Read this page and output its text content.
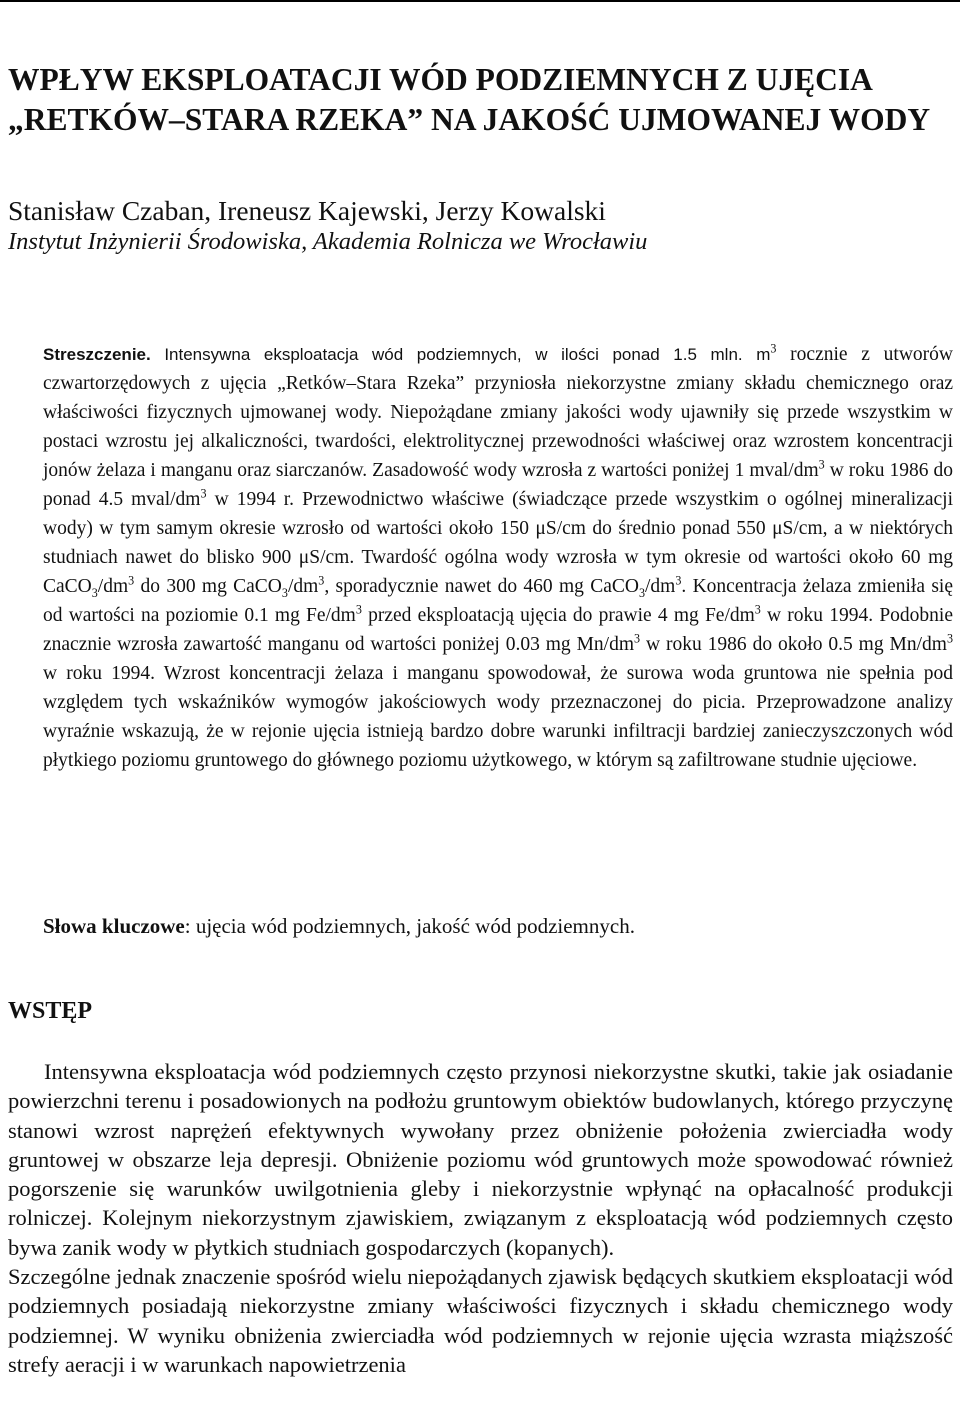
WPŁYW EKSPLOATACJI WÓD PODZIEMNYCH Z UJĘCIA
„RETKÓW–STARA RZEKA” NA JAKOŚĆ UJMOWANEJ WODY
Stanisław Czaban, Ireneusz Kajewski, Jerzy Kowalski
Instytut Inżynierii Środowiska, Akademia Rolnicza we Wrocławiu

Streszczenie. Intensywna eksploatacja wód podziemnych, w ilości ponad 1.5 mln. $m^3$ rocznie z utworów czwartorzędowych z ujęcia „Retków–Stara Rzeka” przyniosła niekorzystne zmiany składu chemicznego oraz właściwości fizycznych ujmowanej wody. Niepożądane zmiany jakości wody ujawniły się przede wszystkim w postaci wzrostu jej alkaliczności, twardości, elektrolitycznej przewodności właściwej oraz wzrostem koncentracji jonów żelaza i manganu oraz siarczanów. Zasadowość wody wzrosła z wartości poniżej 1 mval/$dm^3$ w roku 1986 do ponad 4.5 mval/$dm^3$ w 1994 r. Przewodnictwo właściwe (świadczące przede wszystkim o ogólnej mineralizacji wody) w tym samym okresie wzrosło od wartości około 150 μS/cm do średnio ponad 550 μS/cm, a w niektórych studniach nawet do blisko 900 μS/cm. Twardość ogólna wody wzrosła w tym okresie od wartości około 60 mg $CaCO_3/dm^3$ do 300 mg $CaCO_3/dm^3$, sporadycznie nawet do 460 mg $CaCO_3/dm^3$. Koncentracja żelaza zmieniła się od wartości na poziomie 0.1 mg $Fe/dm^3$ przed eksploatacją ujęcia do prawie 4 mg $Fe/dm^3$ w roku 1994. Podobnie znacznie wzrosła zawartość manganu od wartości poniżej 0.03 mg $Mn/dm^3$ w roku 1986 do około 0.5 mg $Mn/dm^3$ w roku 1994. Wzrost koncentracji żelaza i manganu spowodował, że surowa woda gruntowa nie spełnia pod względem tych wskaźników wymogów jakościowych wody przeznaczonej do picia. Przeprowadzone analizy wyraźnie wskazują, że w rejonie ujęcia istnieją bardzo dobre warunki infiltracji bardziej zanieczyszczonych wód płytkiego poziomu gruntowego do głównego poziomu użytkowego, w którym są zafiltrowane studnie ujęciowe.

Słowa kluczowe: ujęcia wód podziemnych, jakość wód podziemnych.

WSTĘP

Intensywna eksploatacja wód podziemnych często przynosi niekorzystne skutki, takie jak osiadanie powierzchni terenu i posadowionych na podłożu gruntowym obiektów budowlanych, którego przyczynę stanowi wzrost naprężeń efektywnych wywołany przez obniżenie położenia zwierciadła wody gruntowej w obszarze leja depresji. Obniżenie poziomu wód gruntowych może spowodować również pogorszenie się warunków uwilgotnienia gleby i niekorzystnie wpłynąć na opłacalność produkcji rolniczej. Kolejnym niekorzystnym zjawiskiem, związanym z eksploatacją wód podziemnych często bywa zanik wody w płytkich studniach gospodarczych (kopanych).

Szczególne jednak znaczenie spośród wielu niepożądanych zjawisk będących skutkiem eksploatacji wód podziemnych posiadają niekorzystne zmiany właściwości fizycznych i składu chemicznego wody podziemnej. W wyniku obniżenia zwierciadła wód podziemnych w rejonie ujęcia wzrasta miąższość strefy aeracji i w warunkach napowietrzenia
